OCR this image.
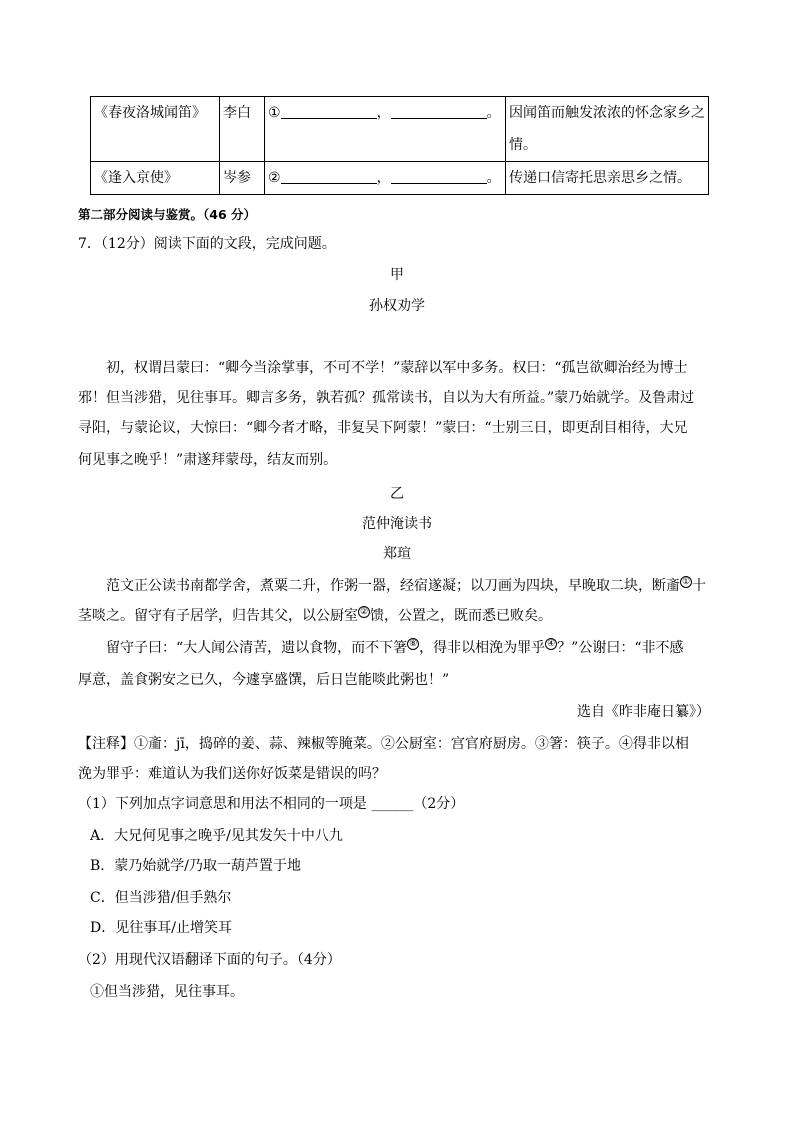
《春夜洛城闻笛》	李白	① ， 。	因闻笛而触发浓浓的怀念家乡之
情。
《逢入京使》	岑参	② ， 。	传递口信寄托思亲思乡之情。
第二部分阅读与鉴赏。（46 分）
7．（12分）阅读下面的文段，完成问题。
甲
孙权劝学
初，权谓吕蒙曰：“卿今当涂掌事，不可不学！”蒙辞以军中多务。权曰：“孤岂欲卿治经为博士
邪！但当涉猎，见往事耳。卿言多务，孰若孤？孤常读书，自以为大有所益。”蒙乃始就学。及鲁肃过
寻阳，与蒙论议，大惊曰：“卿今者才略，非复吴下阿蒙！”蒙曰：“士别三日，即更刮目相待，大兄
何见事之晚乎！”肃遂拜蒙母，结友而别。
乙
范仲淹读书
郑瑄
范文正公读书南都学舍，煮粟二升，作粥一器，经宿遂凝；以刀画为四块，早晚取二块，断齑 ① 十
茎啖之。留守有子居学，归告其父，以公厨室 ② 馈，公置之，既而悉已败矣。
留守子曰：“大人闻公清苦，遗以食物，而不下箸 ⑧ ，得非以相浼为罪乎 ④ ？”公谢曰：“非不感
厚意，盖食粥安之已久，今遽享盛馔，后日岂能啖此粥也！”
选自《昨非庵日纂》）
【注释】①齑：jī，捣碎的姜、蒜、辣椒等腌菜。②公厨室：宫官府厨房。③箸：筷子。④得非以相
浼为罪乎：难道认为我们送你好饭菜是错误的吗？
（1）下列加点字词意思和用法不相同的一项是 ______（2分）
A．大兄何见事之晚乎/见其发矢十中八九
B．蒙乃始就学/乃取一葫芦置于地
C．但当涉猎/但手熟尔
D．见往事耳/止增笑耳
（2）用现代汉语翻译下面的句子。（4分）
①但当涉猎，见往事耳。
